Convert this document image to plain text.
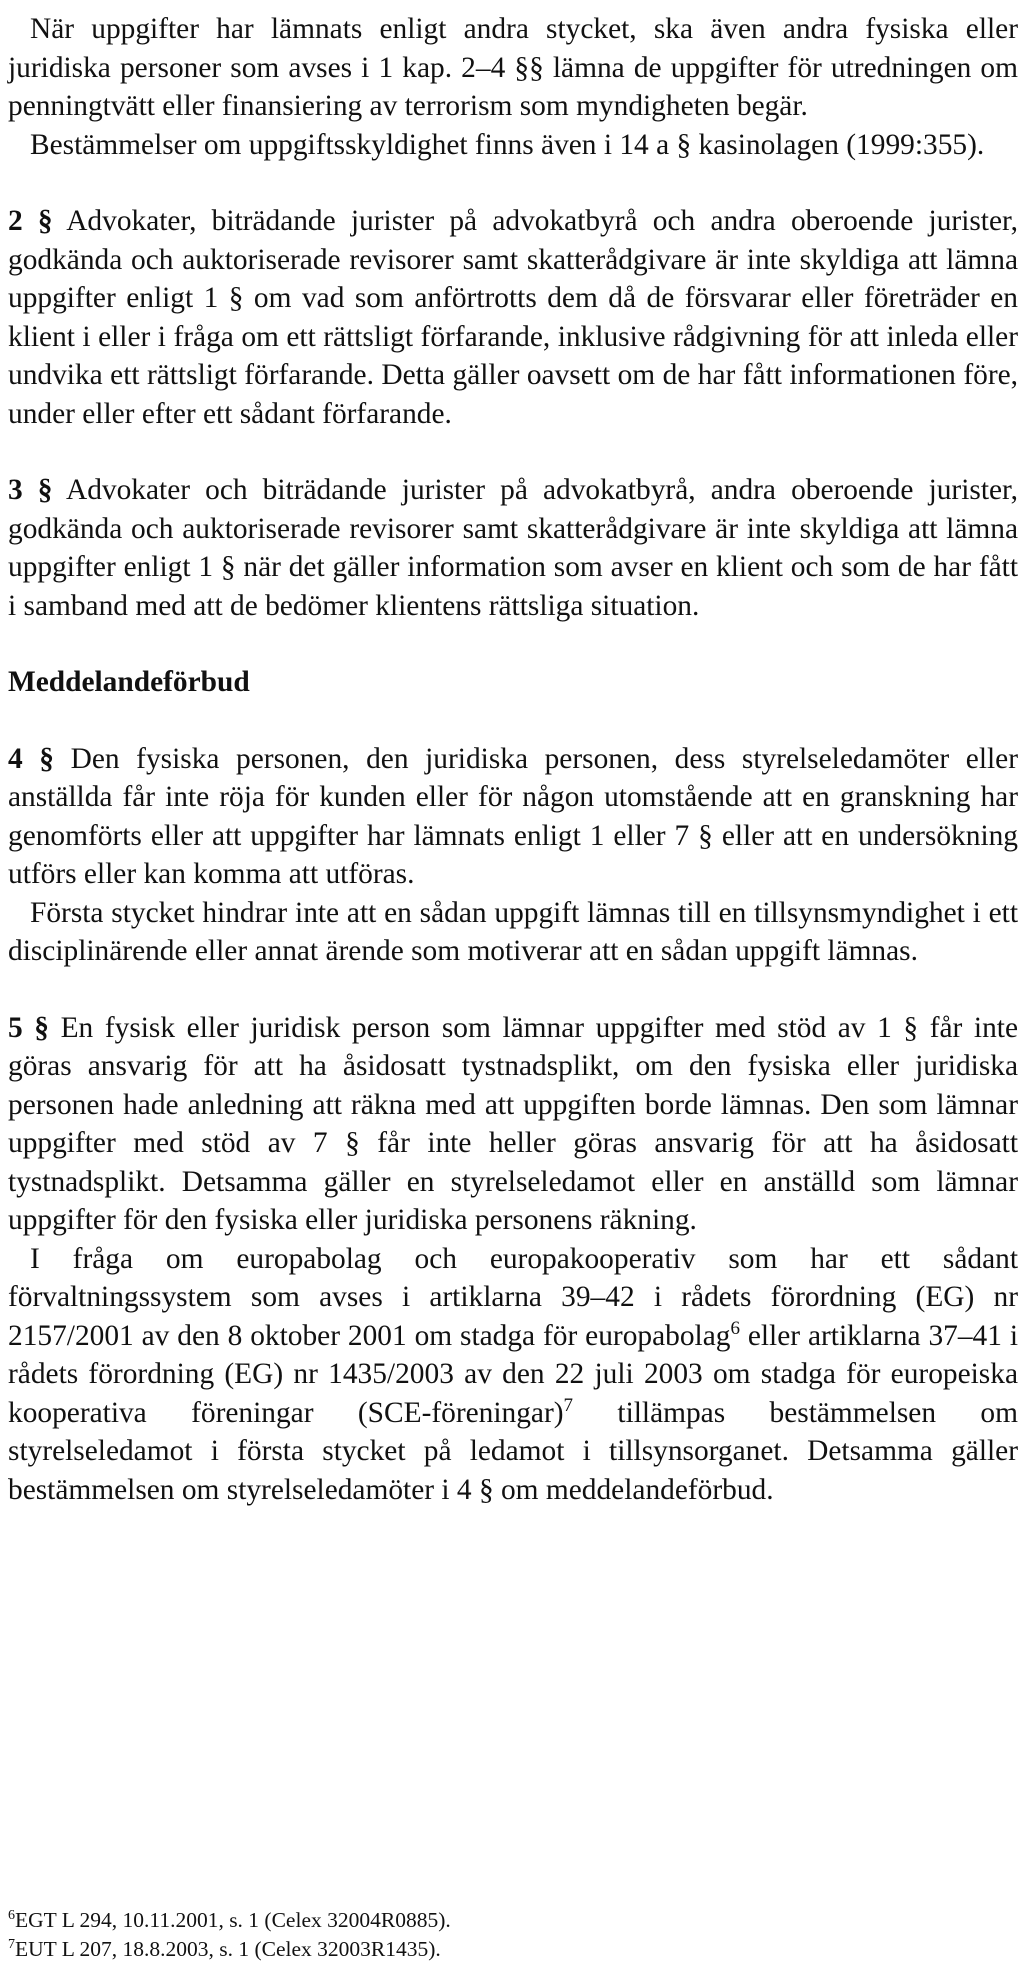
När uppgifter har lämnats enligt andra stycket, ska även andra fysiska eller juridiska personer som avses i 1 kap. 2–4 §§ lämna de uppgifter för utredningen om penningtvätt eller finansiering av terrorism som myndigheten begär.

Bestämmelser om uppgiftsskyldighet finns även i 14 a § kasinolagen (1999:355).

2 § Advokater, biträdande jurister på advokatbyrå och andra oberoende jurister, godkända och auktoriserade revisorer samt skatterådgivare är inte skyldiga att lämna uppgifter enligt 1 § om vad som anförtrotts dem då de försvarar eller företräder en klient i eller i fråga om ett rättsligt förfarande, inklusive rådgivning för att inleda eller undvika ett rättsligt förfarande. Detta gäller oavsett om de har fått informationen före, under eller efter ett sådant förfarande.

3 § Advokater och biträdande jurister på advokatbyrå, andra oberoende jurister, godkända och auktoriserade revisorer samt skatterådgivare är inte skyldiga att lämna uppgifter enligt 1 § när det gäller information som avser en klient och som de har fått i samband med att de bedömer klientens rättsliga situation.

Meddelandeförbud

4 § Den fysiska personen, den juridiska personen, dess styrelseledamöter eller anställda får inte röja för kunden eller för någon utomstående att en granskning har genomförts eller att uppgifter har lämnats enligt 1 eller 7 § eller att en undersökning utförs eller kan komma att utföras.

Första stycket hindrar inte att en sådan uppgift lämnas till en tillsynsmyndighet i ett disciplinärende eller annat ärende som motiverar att en sådan uppgift lämnas.

5 § En fysisk eller juridisk person som lämnar uppgifter med stöd av 1 § får inte göras ansvarig för att ha åsidosatt tystnadsplikt, om den fysiska eller juridiska personen hade anledning att räkna med att uppgiften borde lämnas. Den som lämnar uppgifter med stöd av 7 § får inte heller göras ansvarig för att ha åsidosatt tystnadsplikt. Detsamma gäller en styrelseledamot eller en anställd som lämnar uppgifter för den fysiska eller juridiska personens räkning.

I fråga om europabolag och europakooperativ som har ett sådant förvaltningssystem som avses i artiklarna 39–42 i rådets förordning (EG) nr 2157/2001 av den 8 oktober 2001 om stadga för europabolag$^6$ eller artiklarna 37–41 i rådets förordning (EG) nr 1435/2003 av den 22 juli 2003 om stadga för europeiska kooperativa föreningar (SCE-föreningar)$^7$ tillämpas bestämmelsen om styrelseledamot i första stycket på ledamot i tillsynsorganet. Detsamma gäller bestämmelsen om styrelseledamöter i 4 § om meddelandeförbud.

$^6$EGT L 294, 10.11.2001, s. 1 (Celex 32004R0885).

$^7$EUT L 207, 18.8.2003, s. 1 (Celex 32003R1435).
